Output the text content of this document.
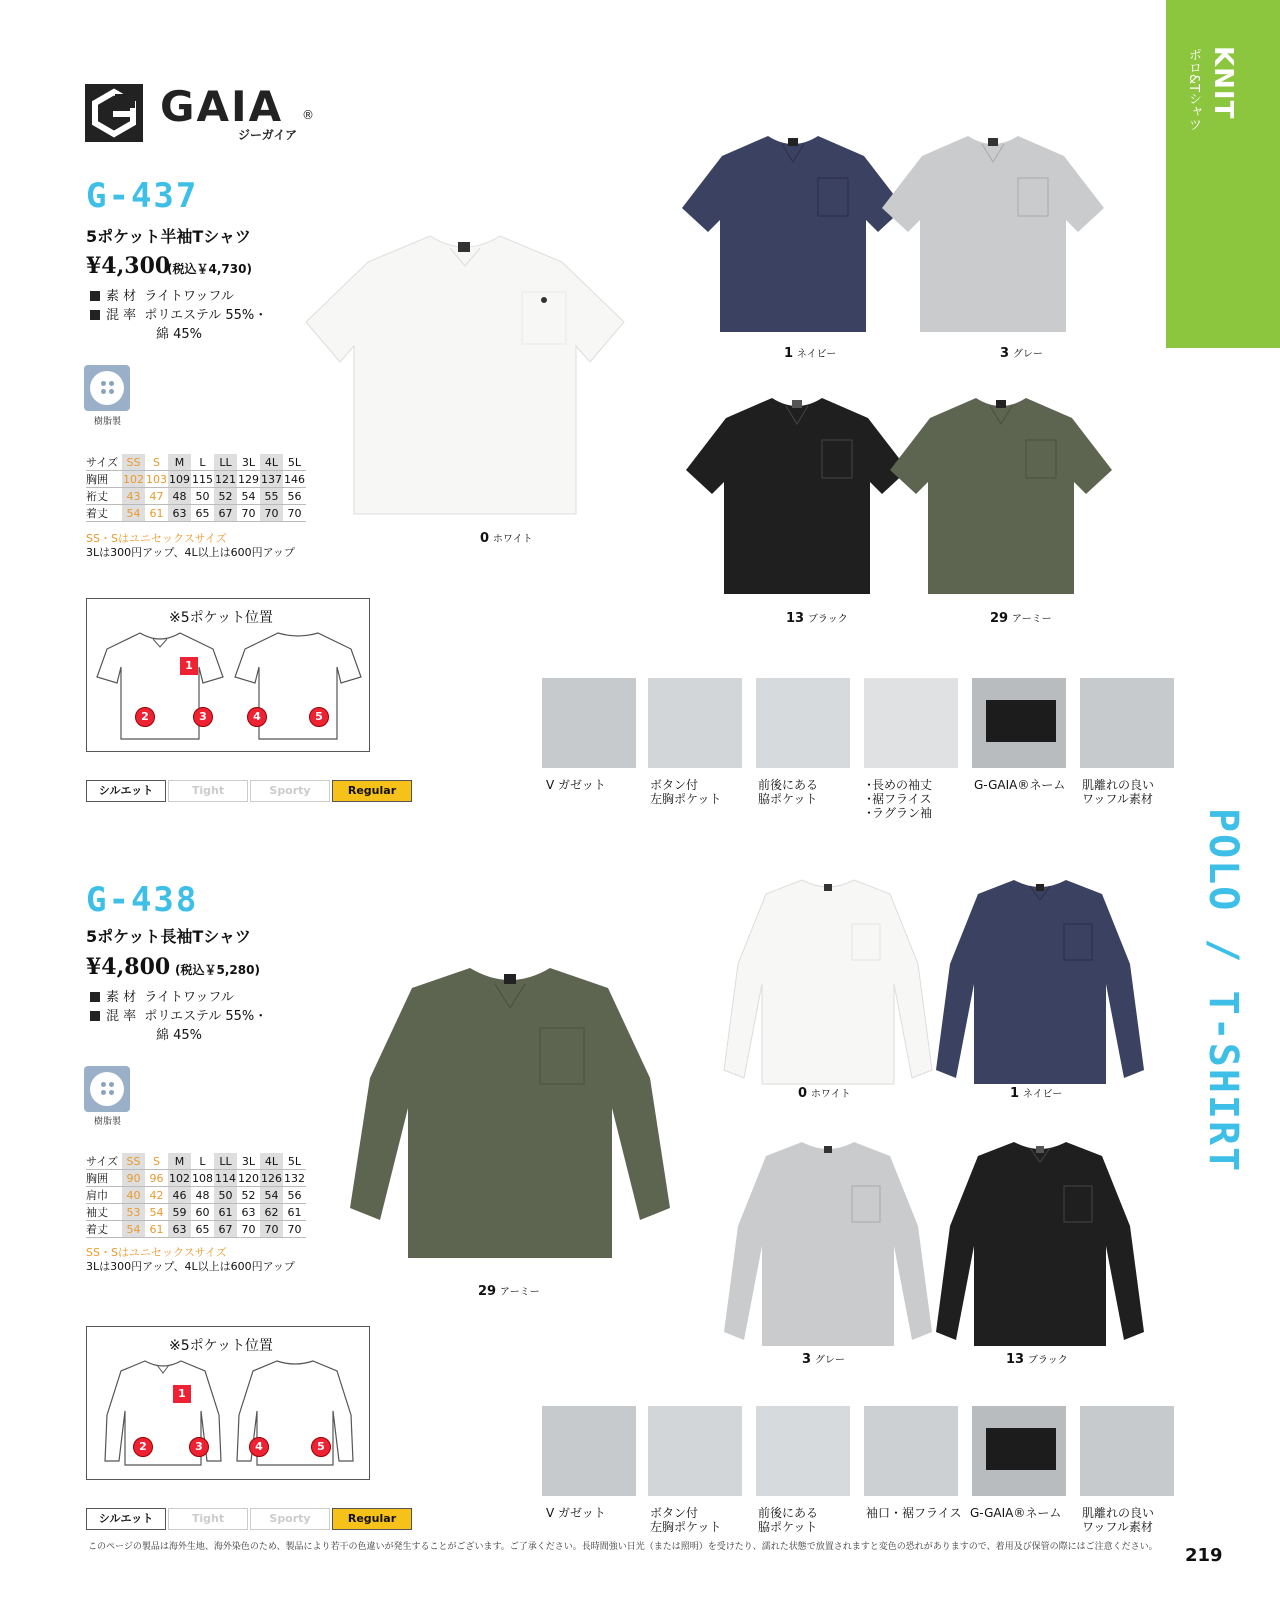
KNIT
ポロ&Tシャツ
POLO / T-SHIRT
GAIA ®
ジーガイア
G-437
5ポケット半袖Tシャツ
¥4,300
(税込￥4,730)
素 材 ライトワッフル
混 率 ポリエステル 55%・
綿 45%
樹脂製
サイズ	SS	S	M	L	LL	3L	4L	5L
胸囲	102	103	109	115	121	129	137	146
裄丈	43	47	48	50	52	54	55	56
着丈	54	61	63	65	67	70	70	70
SS・Sはユニセックスサイズ
3Lは300円アップ、4L以上は600円アップ
※5ポケット位置
1
2	3	4	5
シルエット	Tight	Sporty	Regular
0 ホワイト
1 ネイビー	3 グレー
13 ブラック	29 アーミー
V ガゼット	ボタン付
左胸ポケット
前後にある
脇ポケット
･長めの袖丈
･裾フライス
･ラグラン袖
G-GAIA®ネーム 肌離れの良い
ワッフル素材
G-438
5ポケット長袖Tシャツ
¥4,800 (税込￥5,280)
素 材 ライトワッフル
混 率 ポリエステル 55%・
綿 45%
樹脂製
サイズ	SS	S	M	L	LL	3L	4L	5L
胸囲	90	96	102	108	114	120	126	132
肩巾	40	42	46	48	50	52	54	56
袖丈	53	54	59	60	61	63	62	61
着丈	54	61	63	65	67	70	70	70
SS・Sはユニセックスサイズ
3Lは300円アップ、4L以上は600円アップ
※5ポケット位置
1
2	3	4	5
シルエット	Tight	Sporty	Regular
29 アーミー
0 ホワイト	1 ネイビー
3 グレー	13 ブラック
V ガゼット	ボタン付
左胸ポケット
前後にある
脇ポケット
袖口・裾フライス G-GAIA®ネーム 肌離れの良い
ワッフル素材
このページの製品は海外生地、海外染色のため、製品により若干の色違いが発生することがございます。ご了承ください。長時間強い日光（または照明）を受けたり、濡れた状態で放置されますと変色の恐れがありますので、着用及び保管の際にはご注意ください。 219
